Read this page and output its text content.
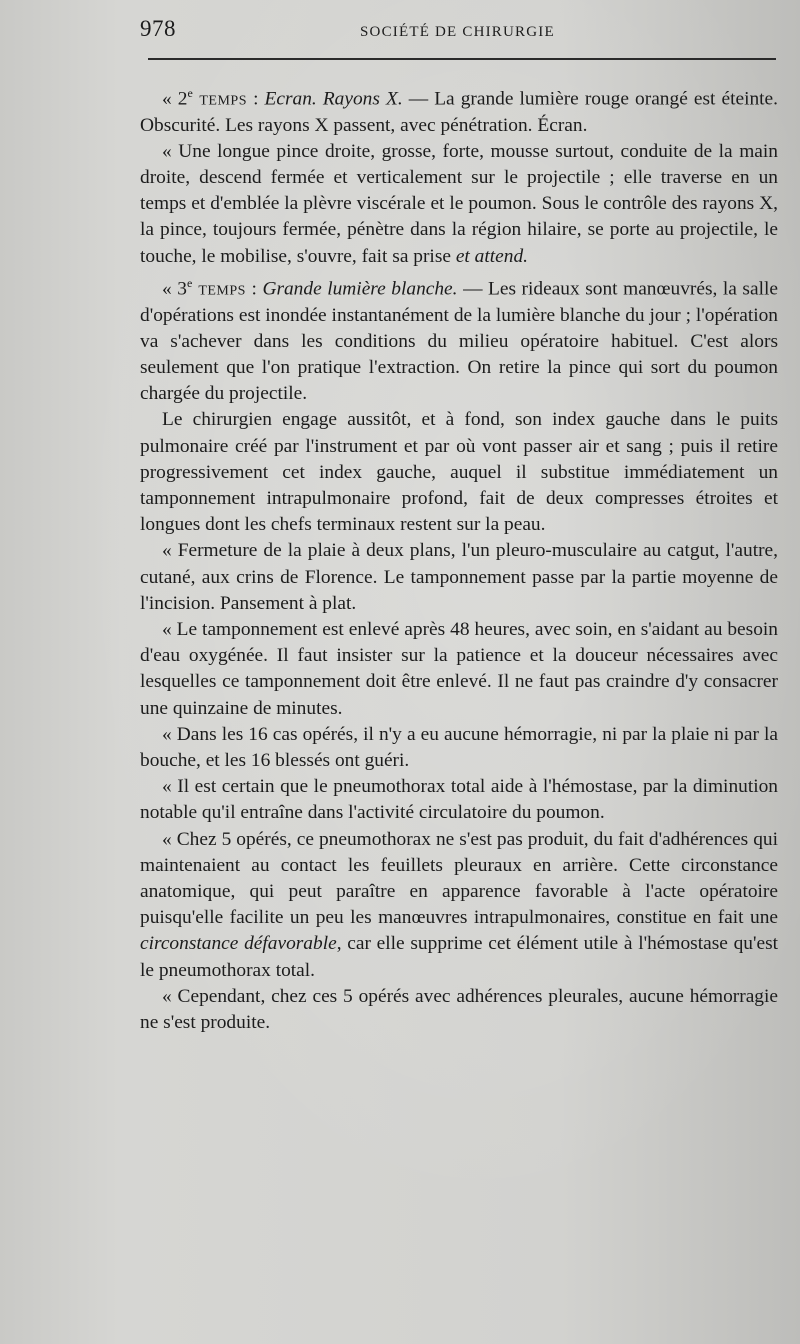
978	SOCIÉTÉ DE CHIRURGIE

« 2e temps : Ecran. Rayons X. — La grande lumière rouge orangé est éteinte. Obscurité. Les rayons X passent, avec pénétration. Écran.

« Une longue pince droite, grosse, forte, mousse surtout, conduite de la main droite, descend fermée et verticalement sur le projectile ; elle traverse en un temps et d'emblée la plèvre viscérale et le poumon. Sous le contrôle des rayons X, la pince, toujours fermée, pénètre dans la région hilaire, se porte au projectile, le touche, le mobilise, s'ouvre, fait sa prise et attend.

« 3e temps : Grande lumière blanche. — Les rideaux sont manœuvrés, la salle d'opérations est inondée instantanément de la lumière blanche du jour ; l'opération va s'achever dans les conditions du milieu opératoire habituel. C'est alors seulement que l'on pratique l'extraction. On retire la pince qui sort du poumon chargée du projectile.

Le chirurgien engage aussitôt, et à fond, son index gauche dans le puits pulmonaire créé par l'instrument et par où vont passer air et sang ; puis il retire progressivement cet index gauche, auquel il substitue immédiatement un tamponnement intrapulmonaire profond, fait de deux compresses étroites et longues dont les chefs terminaux restent sur la peau.

« Fermeture de la plaie à deux plans, l'un pleuro-musculaire au catgut, l'autre, cutané, aux crins de Florence. Le tamponnement passe par la partie moyenne de l'incision. Pansement à plat.

« Le tamponnement est enlevé après 48 heures, avec soin, en s'aidant au besoin d'eau oxygénée. Il faut insister sur la patience et la douceur nécessaires avec lesquelles ce tamponnement doit être enlevé. Il ne faut pas craindre d'y consacrer une quinzaine de minutes.

« Dans les 16 cas opérés, il n'y a eu aucune hémorragie, ni par la plaie ni par la bouche, et les 16 blessés ont guéri.

« Il est certain que le pneumothorax total aide à l'hémostase, par la diminution notable qu'il entraîne dans l'activité circulatoire du poumon.

« Chez 5 opérés, ce pneumothorax ne s'est pas produit, du fait d'adhérences qui maintenaient au contact les feuillets pleuraux en arrière. Cette circonstance anatomique, qui peut paraître en apparence favorable à l'acte opératoire puisqu'elle facilite un peu les manœuvres intrapulmonaires, constitue en fait une circonstance défavorable, car elle supprime cet élément utile à l'hémostase qu'est le pneumothorax total.

« Cependant, chez ces 5 opérés avec adhérences pleurales, aucune hémorragie ne s'est produite.
